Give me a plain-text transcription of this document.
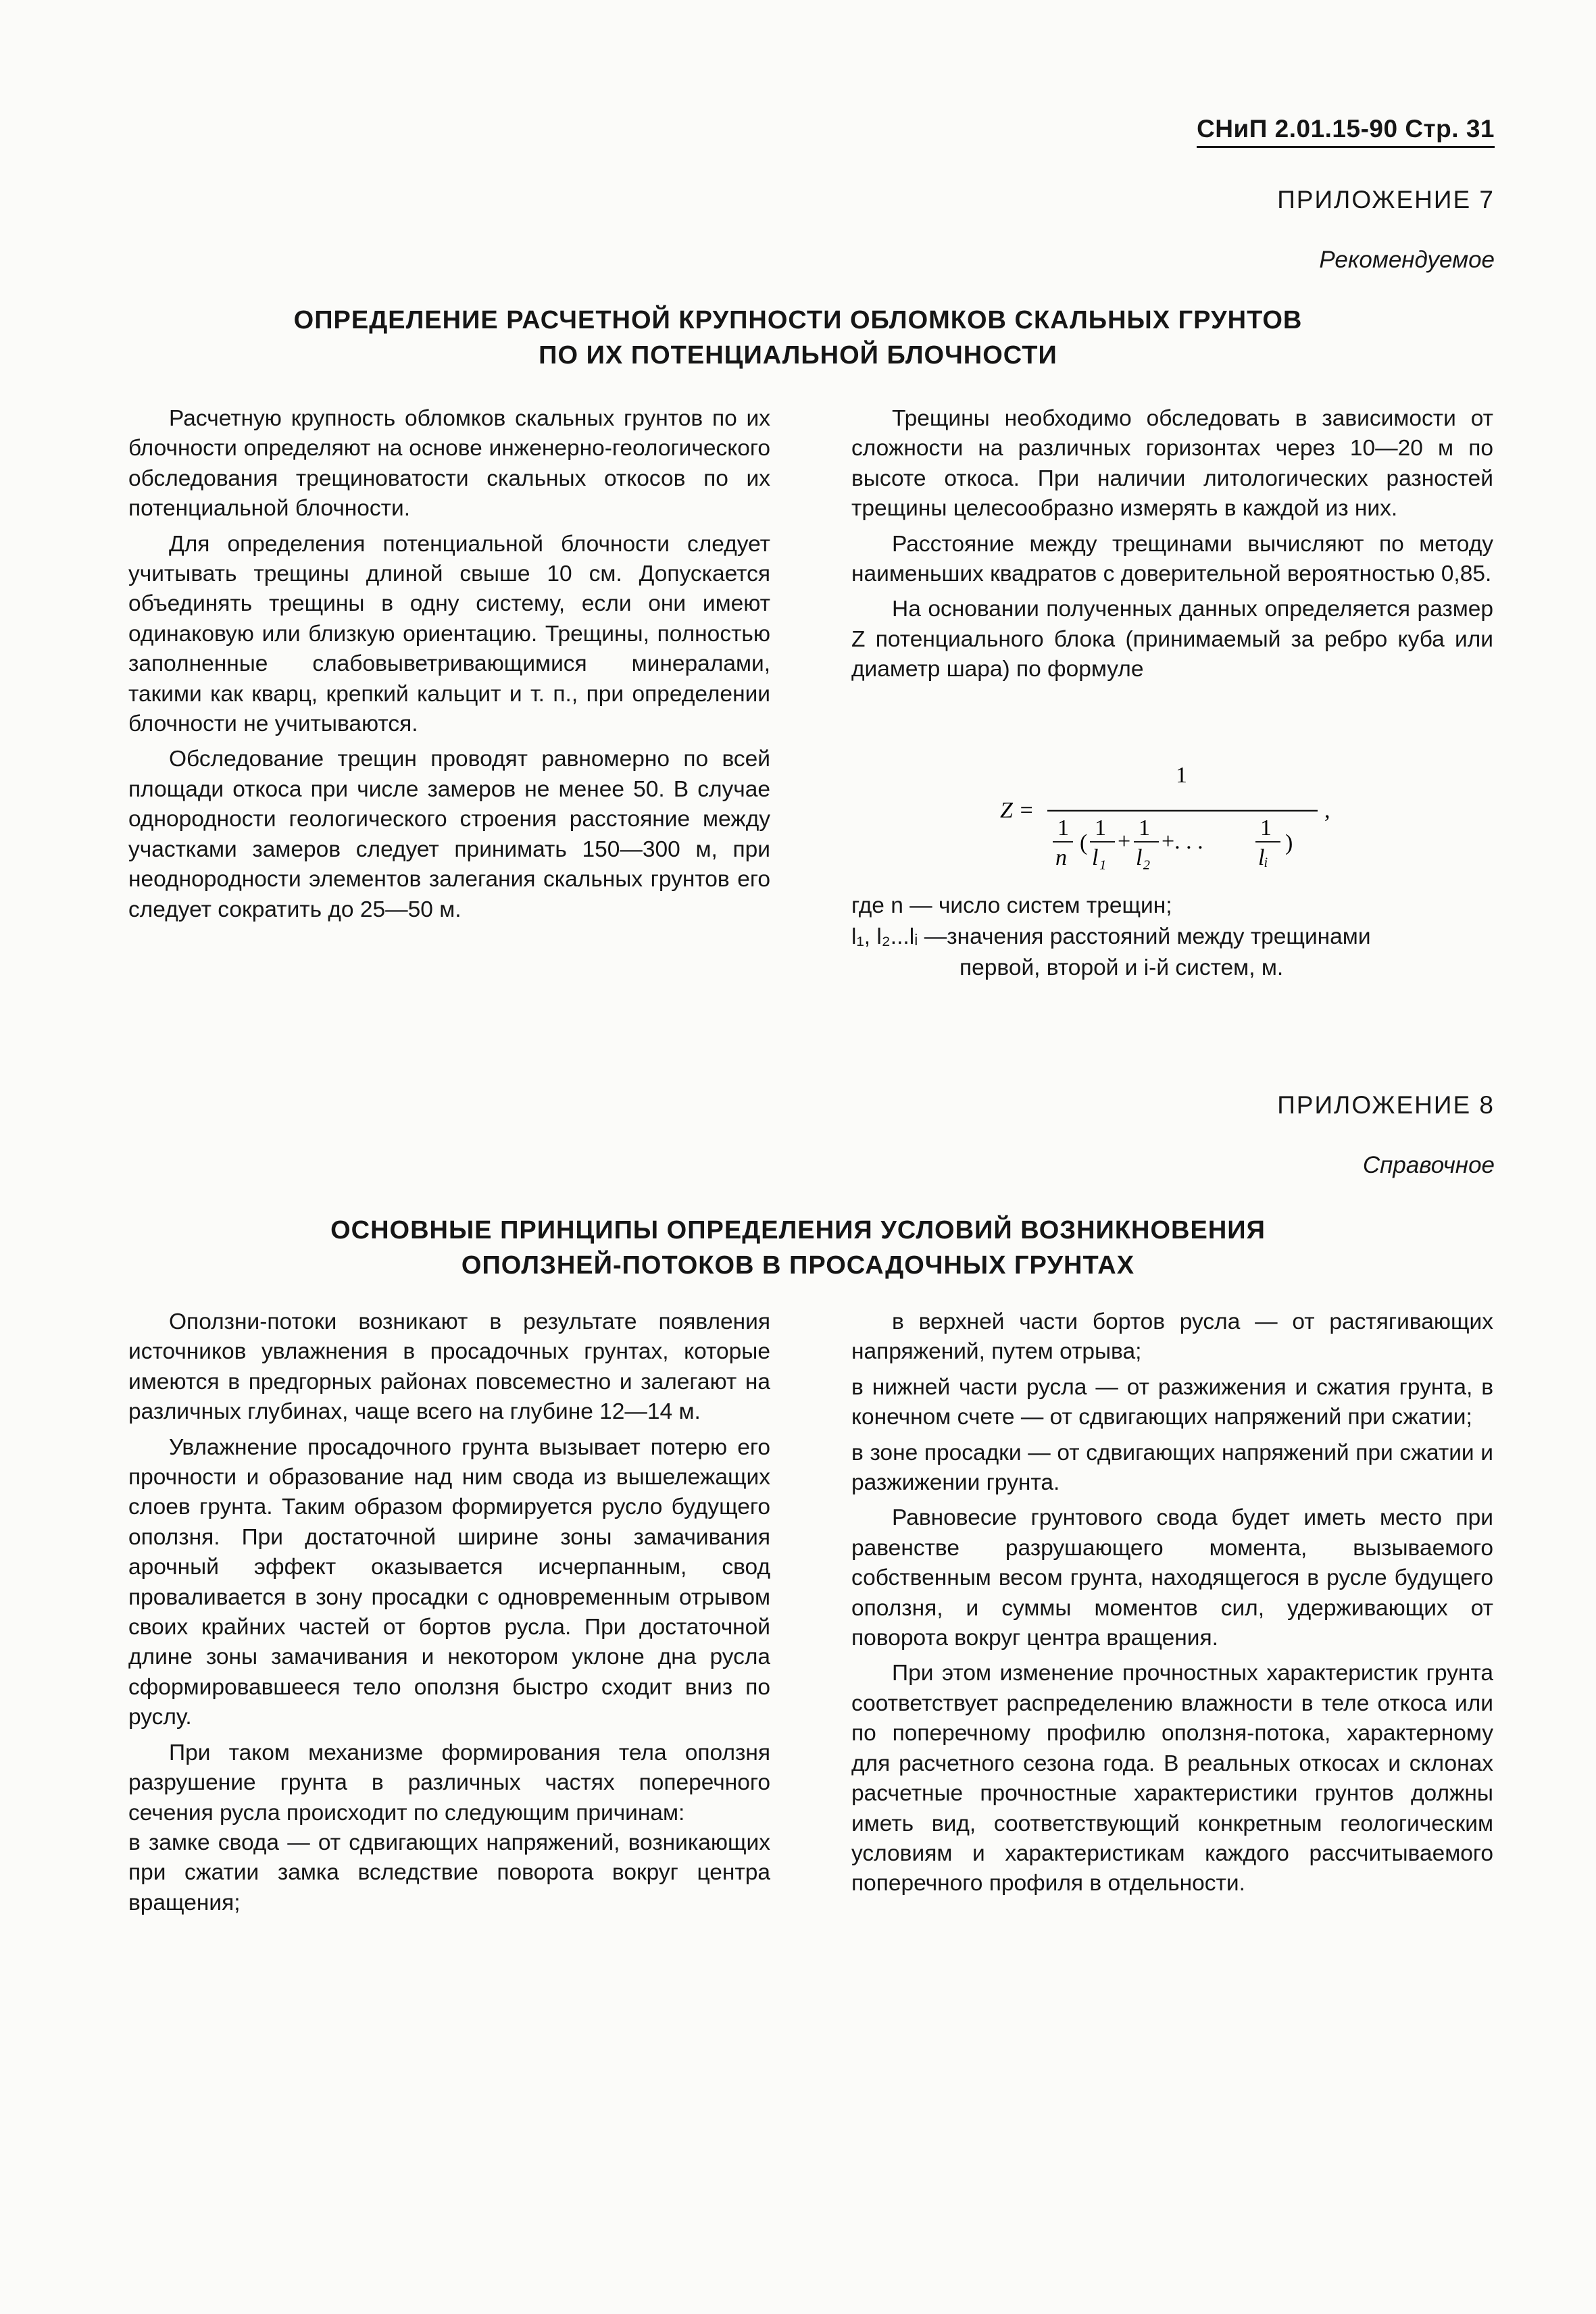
СНиП 2.01.15-90 Стр. 31
ПРИЛОЖЕНИЕ 7
Рекомендуемое
ОПРЕДЕЛЕНИЕ РАСЧЕТНОЙ КРУПНОСТИ ОБЛОМКОВ СКАЛЬНЫХ ГРУНТОВ
ПО ИХ ПОТЕНЦИАЛЬНОЙ БЛОЧНОСТИ

Расчетную крупность обломков скальных грунтов по их блочности определяют на основе инженерно-геологического обследования трещиноватости скальных откосов по их потенциальной блочности.

Для определения потенциальной блочности следует учитывать трещины длиной свыше 10 см. Допускается объединять трещины в одну систему, если они имеют одинаковую или близкую ориентацию. Трещины, полностью заполненные слабовыветривающимися минералами, такими как кварц, крепкий кальцит и т. п., при определении блочности не учитываются.

Обследование трещин проводят равномерно по всей площади откоса при числе замеров не менее 50. В случае однородности геологического строения расстояние между участками замеров следует принимать 150—300 м, при неоднородности элементов залегания скальных грунтов его следует сократить до 25—50 м.

Трещины необходимо обследовать в зависимости от сложности на различных горизонтах через 10—20 м по высоте откоса. При наличии литологических разностей трещины целесообразно измерять в каждой из них.

Расстояние между трещинами вычисляют по методу наименьших квадратов с доверительной вероятностью 0,85.

На основании полученных данных определяется размер Z потенциального блока (принимаемый за ребро куба или диаметр шара) по формуле

Z =
1
,
1
n
(
1
l₁
+
1
l₂
+. . .
1
lᵢ
)
где n — число систем трещин;
l₁, l₂...lᵢ —значения расстояний между трещинами
первой, второй и i-й систем, м.
ПРИЛОЖЕНИЕ 8
Справочное
ОСНОВНЫЕ ПРИНЦИПЫ ОПРЕДЕЛЕНИЯ УСЛОВИЙ ВОЗНИКНОВЕНИЯ
ОПОЛЗНЕЙ-ПОТОКОВ В ПРОСАДОЧНЫХ ГРУНТАХ

Оползни-потоки возникают в результате появления источников увлажнения в просадочных грунтах, которые имеются в предгорных районах повсеместно и залегают на различных глубинах, чаще всего на глубине 12—14 м.

Увлажнение просадочного грунта вызывает потерю его прочности и образование над ним свода из вышележащих слоев грунта. Таким образом формируется русло будущего оползня. При достаточной ширине зоны замачивания арочный эффект оказывается исчерпанным, свод проваливается в зону просадки с одновременным отрывом своих крайних частей от бортов русла. При достаточной длине зоны замачивания и некотором уклоне дна русла сформировавшееся тело оползня быстро сходит вниз по руслу.

При таком механизме формирования тела оползня разрушение грунта в различных частях поперечного сечения русла происходит по следующим причинам:

в замке свода — от сдвигающих напряжений, возникающих при сжатии замка вследствие поворота вокруг центра вращения;

в верхней части бортов русла — от растягивающих напряжений, путем отрыва;

в нижней части русла — от разжижения и сжатия грунта, в конечном счете — от сдвигающих напряжений при сжатии;

в зоне просадки — от сдвигающих напряжений при сжатии и разжижении грунта.

Равновесие грунтового свода будет иметь место при равенстве разрушающего момента, вызываемого собственным весом грунта, находящегося в русле будущего оползня, и суммы моментов сил, удерживающих от поворота вокруг центра вращения.

При этом изменение прочностных характеристик грунта соответствует распределению влажности в теле откоса или по поперечному профилю оползня-потока, характерному для расчетного сезона года. В реальных откосах и склонах расчетные прочностные характеристики грунтов должны иметь вид, соответствующий конкретным геологическим условиям и характеристикам каждого рассчитываемого поперечного профиля в отдельности.
